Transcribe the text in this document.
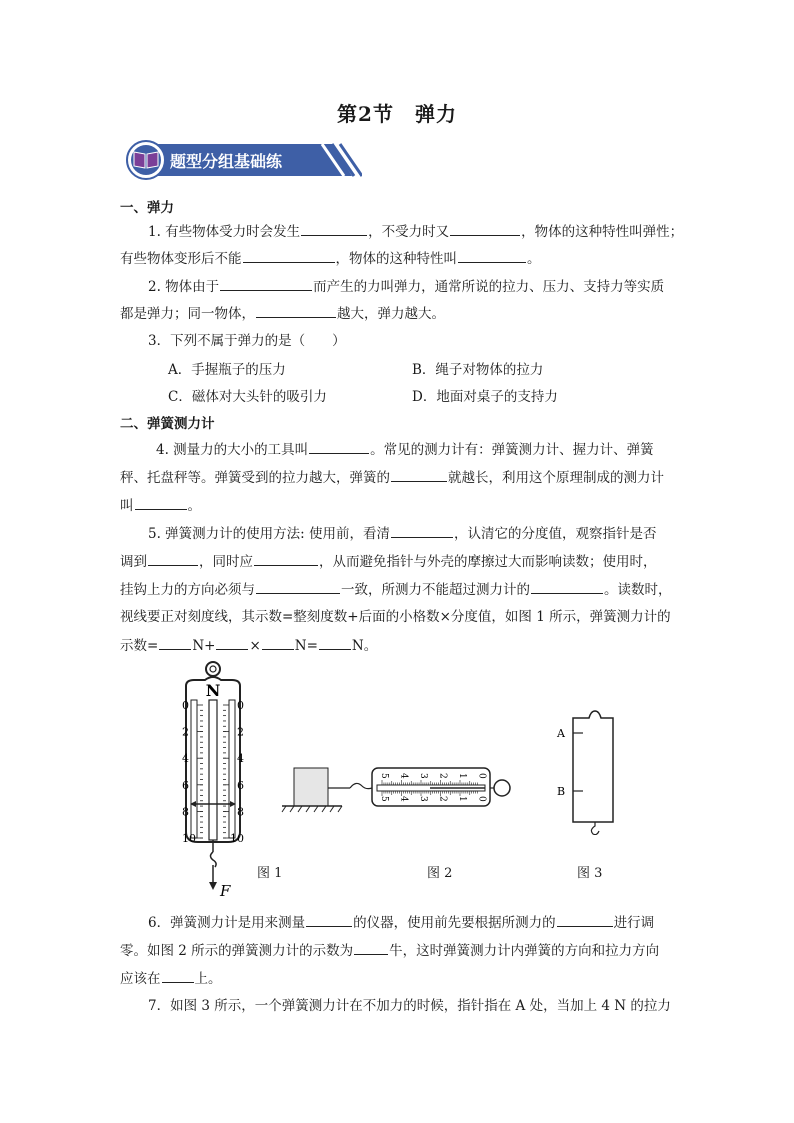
第2节　弹力
题型分组基础练
一、弹力
1. 有些物体受力时会发生	，不受力时又	，物体的这种特性叫弹性；
有些物体变形后不能	，物体的这种特性叫	。
2. 物体由于	而产生的力叫弹力，通常所说的拉力、压力、支持力等实质
都是弹力；同一物体，	越大，弹力越大。
3．下列不属于弹力的是（　　）
A．手握瓶子的压力	B．绳子对物体的拉力
C．磁体对大头针的吸引力	D．地面对桌子的支持力
二、弹簧测力计
4. 测量力的大小的工具叫	。常见的测力计有：弹簧测力计、握力计、弹簧
秤、托盘秤等。弹簧受到的拉力越大，弹簧的	就越长，利用这个原理制成的测力计
叫	。
5. 弹簧测力计的使用方法: 使用前，看清	，认清它的分度值，观察指针是否
调到	，同时应	，从而避免指针与外壳的摩擦过大而影响读数；使用时，
挂钩上力的方向必须与	一致，所测力不能超过测力计的	。读数时，
视线要正对刻度线，其示数=整刻度数+后面的小格数×分度值，如图 1 所示，弹簧测力计的
示数=	N+	×	N=	N。
N
0	0
2	2
4	4
6	6
8	8
10	10
F
图 1
5
5
4
4
3
3
2
2
1
1
0
0
图 2
A
B
图 3
6．弹簧测力计是用来测量	的仪器，使用前先要根据所测力的	进行调
零。如图 2 所示的弹簧测力计的示数为	牛，这时弹簧测力计内弹簧的方向和拉力方向
应该在	上。
7．如图 3 所示，一个弹簧测力计在不加力的时候，指针指在 A 处，当加上 4 N 的拉力
